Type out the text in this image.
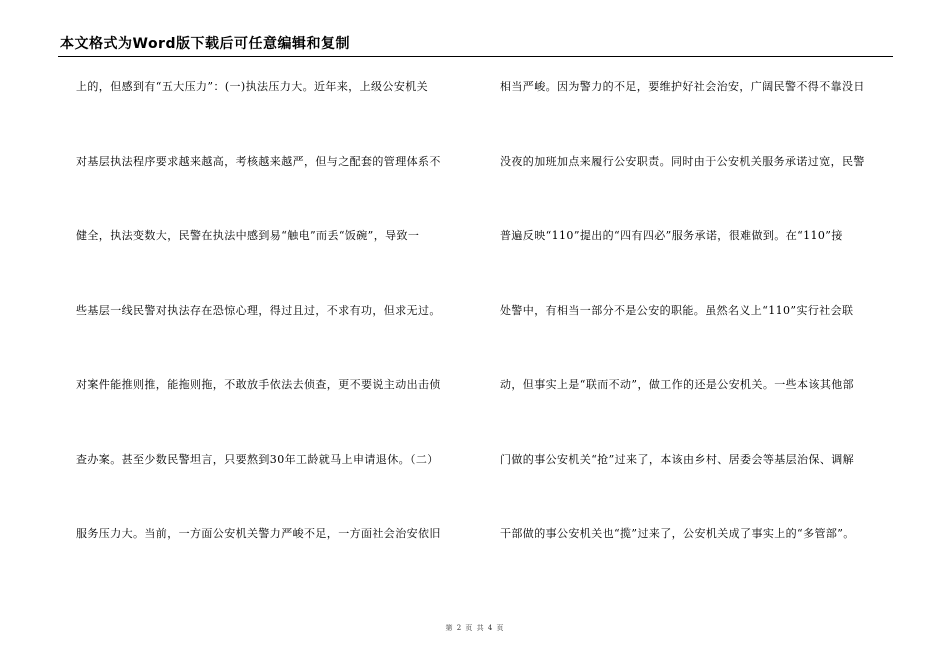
本文格式为Word版下载后可任意编辑和复制
上的，但感到有“五大压力”：(一)执法压力大。近年来，上级公安机关
对基层执法程序要求越来越高，考核越来越严，但与之配套的管理体系不
健全，执法变数大，民警在执法中感到易“触电”而丢“饭碗”，导致一
些基层一线民警对执法存在恐惊心理，得过且过，不求有功，但求无过。
对案件能推则推，能拖则拖，不敢放手依法去侦查，更不要说主动出击侦
查办案。甚至少数民警坦言，只要熬到30年工龄就马上申请退休。（二）
服务压力大。当前，一方面公安机关警力严峻不足，一方面社会治安依旧
相当严峻。因为警力的不足，要维护好社会治安，广阔民警不得不靠没日
没夜的加班加点来履行公安职责。同时由于公安机关服务承诺过宽，民警
普遍反映“110”提出的“四有四必”服务承诺，很难做到。在“110”接
处警中，有相当一部分不是公安的职能。虽然名义上“110”实行社会联
动，但事实上是“联而不动”，做工作的还是公安机关。一些本该其他部
门做的事公安机关“抢”过来了，本该由乡村、居委会等基层治保、调解
干部做的事公安机关也“揽”过来了，公安机关成了事实上的“多管部”。
第 2 页 共 4 页
